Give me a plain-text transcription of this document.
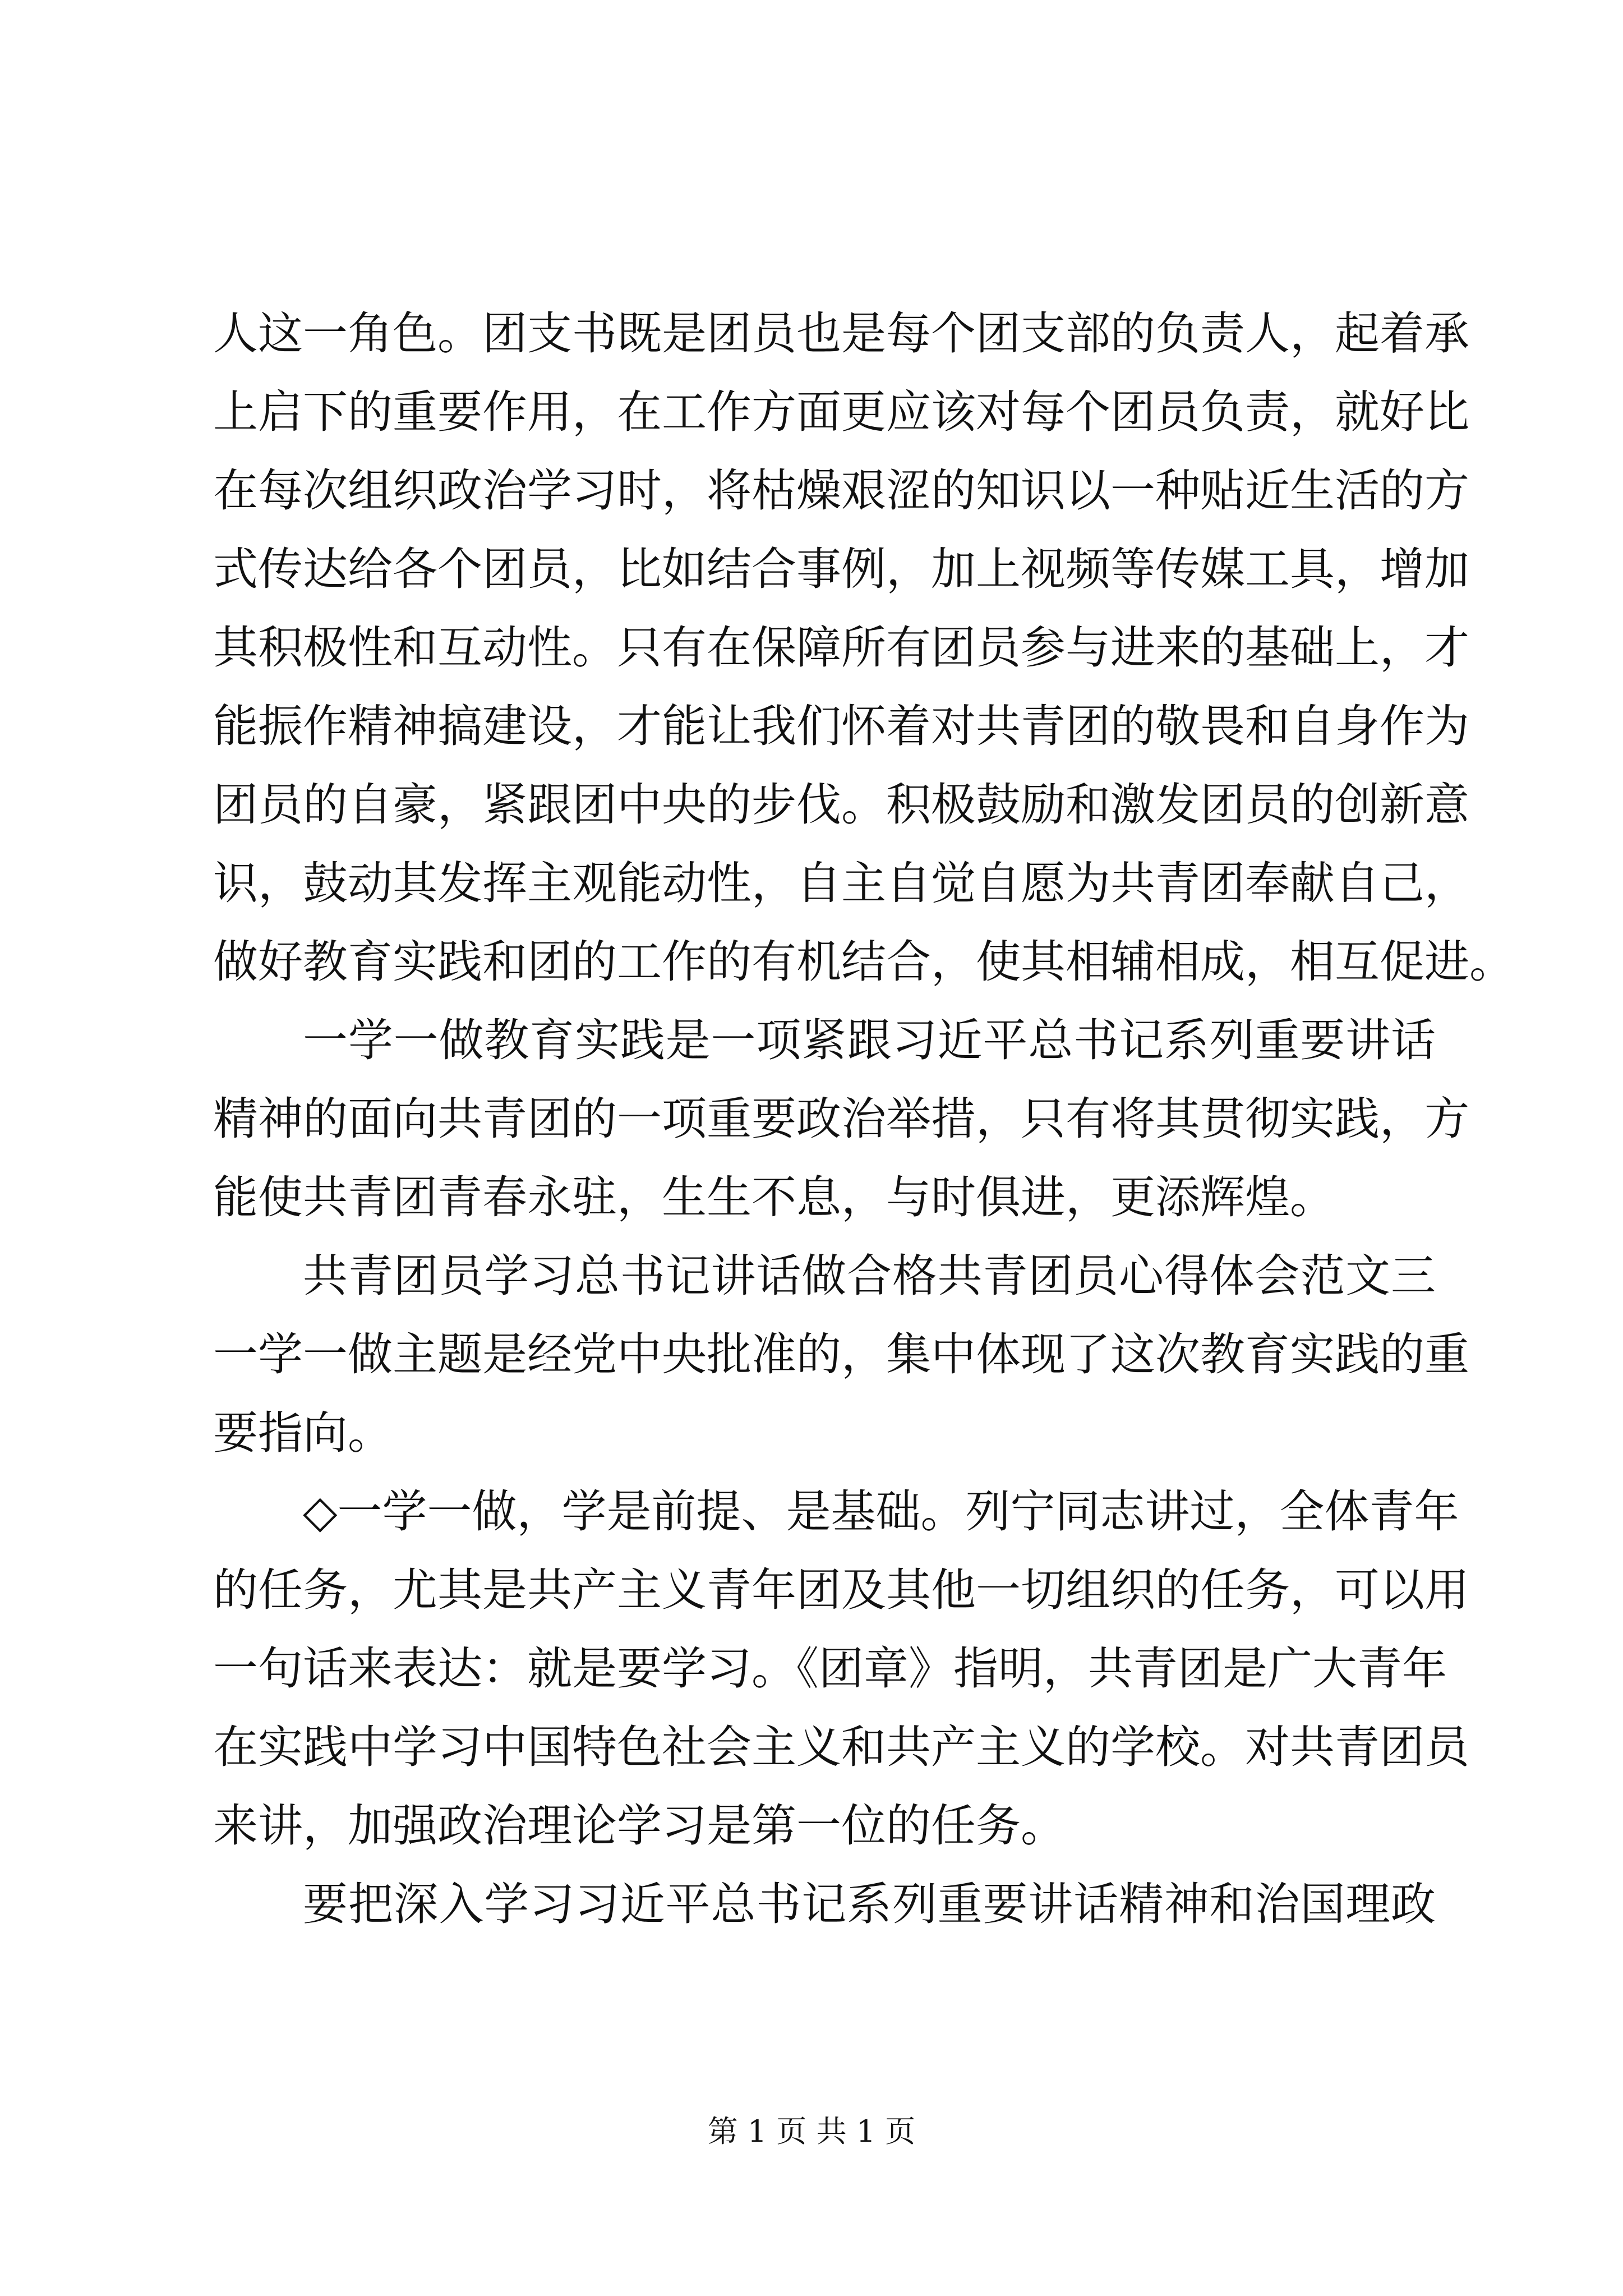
人这一角色。团支书既是团员也是每个团支部的负责人，起着承

上启下的重要作用，在工作方面更应该对每个团员负责，就好比

在每次组织政治学习时，将枯燥艰涩的知识以一种贴近生活的方

式传达给各个团员，比如结合事例，加上视频等传媒工具，增加

其积极性和互动性。只有在保障所有团员参与进来的基础上，才

能振作精神搞建设，才能让我们怀着对共青团的敬畏和自身作为

团员的自豪，紧跟团中央的步伐。积极鼓励和激发团员的创新意

识，鼓动其发挥主观能动性，自主自觉自愿为共青团奉献自己，

做好教育实践和团的工作的有机结合，使其相辅相成，相互促进。

一学一做教育实践是一项紧跟习近平总书记系列重要讲话

精神的面向共青团的一项重要政治举措，只有将其贯彻实践，方

能使共青团青春永驻，生生不息，与时俱进，更添辉煌。

共青团员学习总书记讲话做合格共青团员心得体会范文三

一学一做主题是经党中央批准的，集中体现了这次教育实践的重

要指向。

◇一学一做，学是前提、是基础。列宁同志讲过，全体青年

的任务，尤其是共产主义青年团及其他一切组织的任务，可以用

一句话来表达：就是要学习。《团章》指明，共青团是广大青年

在实践中学习中国特色社会主义和共产主义的学校。对共青团员

来讲，加强政治理论学习是第一位的任务。

要把深入学习习近平总书记系列重要讲话精神和治国理政

第 1 页 共 1 页
